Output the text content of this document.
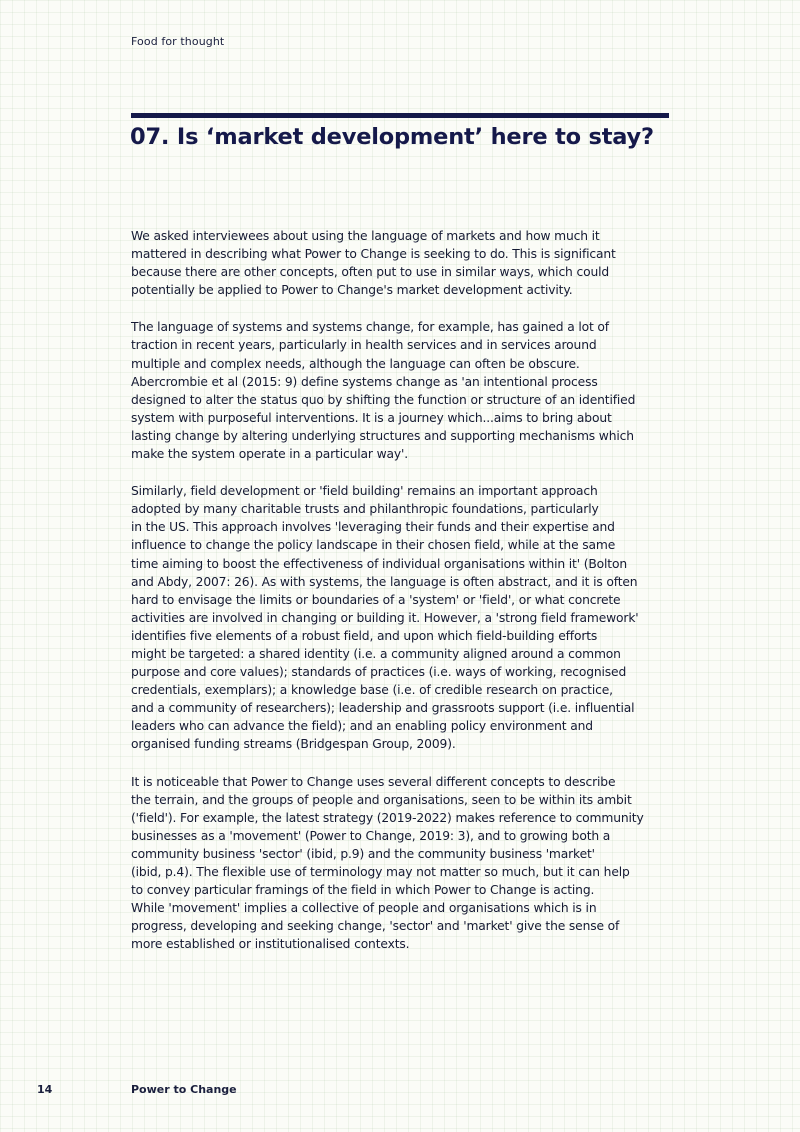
Food for thought
07. Is ‘market development’ here to stay?

We asked interviewees about using the language of markets and how much it
mattered in describing what Power to Change is seeking to do. This is significant
because there are other concepts, often put to use in similar ways, which could
potentially be applied to Power to Change's market development activity.

The language of systems and systems change, for example, has gained a lot of
traction in recent years, particularly in health services and in services around
multiple and complex needs, although the language can often be obscure.
Abercrombie et al (2015: 9) define systems change as 'an intentional process
designed to alter the status quo by shifting the function or structure of an identified
system with purposeful interventions. It is a journey which...aims to bring about
lasting change by altering underlying structures and supporting mechanisms which
make the system operate in a particular way'.

Similarly, field development or 'field building' remains an important approach
adopted by many charitable trusts and philanthropic foundations, particularly
in the US. This approach involves 'leveraging their funds and their expertise and
influence to change the policy landscape in their chosen field, while at the same
time aiming to boost the effectiveness of individual organisations within it' (Bolton
and Abdy, 2007: 26). As with systems, the language is often abstract, and it is often
hard to envisage the limits or boundaries of a 'system' or 'field', or what concrete
activities are involved in changing or building it. However, a 'strong field framework'
identifies five elements of a robust field, and upon which field-building efforts
might be targeted: a shared identity (i.e. a community aligned around a common
purpose and core values); standards of practices (i.e. ways of working, recognised
credentials, exemplars); a knowledge base (i.e. of credible research on practice,
and a community of researchers); leadership and grassroots support (i.e. influential
leaders who can advance the field); and an enabling policy environment and
organised funding streams (Bridgespan Group, 2009).

It is noticeable that Power to Change uses several different concepts to describe
the terrain, and the groups of people and organisations, seen to be within its ambit
('field'). For example, the latest strategy (2019-2022) makes reference to community
businesses as a 'movement' (Power to Change, 2019: 3), and to growing both a
community business 'sector' (ibid, p.9) and the community business 'market'
(ibid, p.4). The flexible use of terminology may not matter so much, but it can help
to convey particular framings of the field in which Power to Change is acting.
While 'movement' implies a collective of people and organisations which is in
progress, developing and seeking change, 'sector' and 'market' give the sense of
more established or institutionalised contexts.

14	Power to Change
